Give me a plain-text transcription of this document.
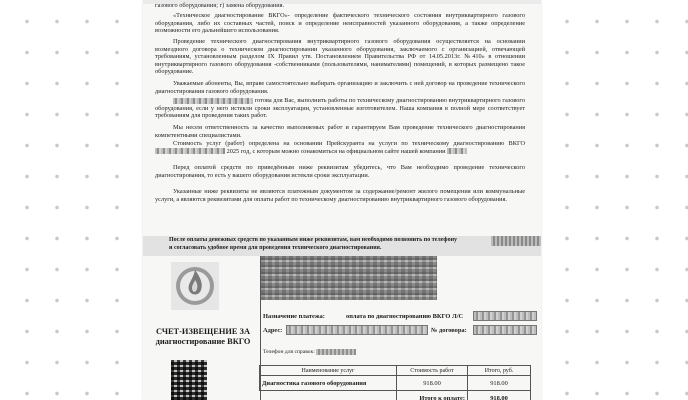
газового оборудования; г) замена оборудования.

«Техническое диагностирование ВКГО»- определение фактического технического состояния внутриквартирного газового оборудования, либо их составных частей, поиск и определение неисправностей указанного оборудования, а также определение возможности его дальнейшего использования.

Проведение технического диагностирования внутриквартирного газового оборудования осуществляется на основании возмездного договора о техническом диагностировании указанного оборудования, заключаемого с организацией, отвечающей требованиям, установленным разделом IX Правил утв. Постановлением Правительства РФ от 14.05.2013г. №410» в отношении внутриквартирного газового оборудования -собственниками (пользователями, нанимателями) помещений, в которых размещено такое оборудование.

Уважаемые абоненты, Вы, вправе самостоятельно выбирать организацию и заключить с ней договор на проведение технического диагностирования газового оборудования.

готова для Вас, выполнить работы по техническому диагностированию внутриквартирного газового оборудования, если у него истекли сроки эксплуатации, установленные изготовителем. Наша компания в полной мере соответствует требованиям для проведения таких работ.

Мы несем ответственность за качество выполняемых работ и гарантируем Вам проведение технического диагностирования компетентными специалистами.

Стоимость услуг (работ) определена на основании Прейскуранта на услуги по техническому диагностированию ВКГО  2025 год, с которым можно ознакомиться на официальном сайте нашей компании

Перед оплатой средств по приведённым ниже реквизитам убедитесь, что Вам необходимо проведение технического диагностирования, то есть у вашего оборудования истекли сроки эксплуатации.

Указанные ниже реквизиты не являются платежным документом за содержание/ремонт жилого помещения или коммунальные услуги, а являются реквизитами для оплаты работ по техническому диагностированию внутриквартирного газового оборудования.

После оплаты денежных средств по указанным ниже реквизитам, вам необходимо позвонить по телефону
и согласовать удобное время для проведения технического диагностирования.
СЧЕТ-ИЗВЕЩЕНИЕ ЗА диагностирование ВКГО
Назначение платежа:	оплата по диагностированию ВКГО Л/С
Адрес:	№ договора:
Телефон для справок:
Наименование услуг	Стоимость работ	Итого, руб.
Диагностика газового оборудования	918.00	918.00
	Итого к оплате:	918.00
